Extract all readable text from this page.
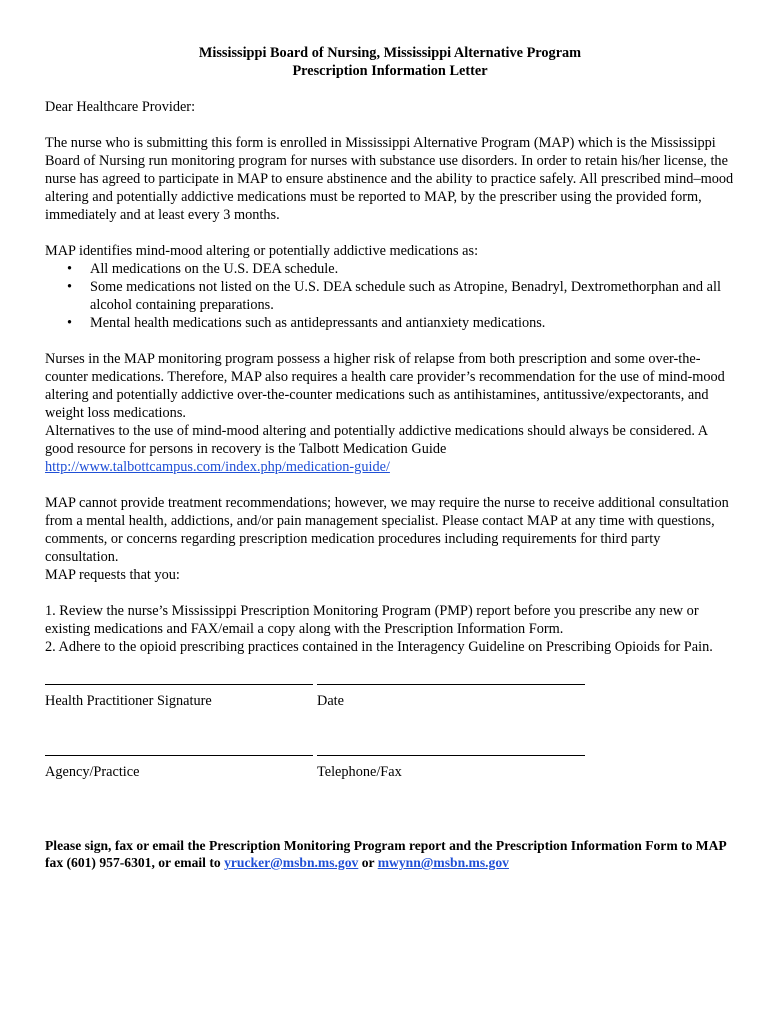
Mississippi Board of Nursing, Mississippi Alternative Program
Prescription Information Letter

Dear Healthcare Provider:

The nurse who is submitting this form is enrolled in Mississippi Alternative Program (MAP) which is the Mississippi Board of Nursing run monitoring program for nurses with substance use disorders. In order to retain his/her license, the nurse has agreed to participate in MAP to ensure abstinence and the ability to practice safely. All prescribed mind–mood altering and potentially addictive medications must be reported to MAP, by the prescriber using the provided form, immediately and at least every 3 months.

MAP identifies mind-mood altering or potentially addictive medications as:

• All medications on the U.S. DEA schedule.
• Some medications not listed on the U.S. DEA schedule such as Atropine, Benadryl, Dextromethorphan and all alcohol containing preparations.
• Mental health medications such as antidepressants and antianxiety medications.

Nurses in the MAP monitoring program possess a higher risk of relapse from both prescription and some over-the-counter medications. Therefore, MAP also requires a health care provider’s recommendation for the use of mind-mood altering and potentially addictive over-the-counter medications such as antihistamines, antitussive/expectorants, and weight loss medications.

Alternatives to the use of mind-mood altering and potentially addictive medications should always be considered. A good resource for persons in recovery is the Talbott Medication Guide

http://www.talbottcampus.com/index.php/medication-guide/

MAP cannot provide treatment recommendations; however, we may require the nurse to receive additional consultation from a mental health, addictions, and/or pain management specialist. Please contact MAP at any time with questions, comments, or concerns regarding prescription medication procedures including requirements for third party consultation.

MAP requests that you:

1. Review the nurse’s Mississippi Prescription Monitoring Program (PMP) report before you prescribe any new or existing medications and FAX/email a copy along with the Prescription Information Form.

2. Adhere to the opioid prescribing practices contained in the Interagency Guideline on Prescribing Opioids for Pain.

Health Practitioner Signature	Date
Agency/Practice	Telephone/Fax

Please sign, fax or email the Prescription Monitoring Program report and the Prescription Information Form to MAP fax (601) 957-6301, or email to yrucker@msbn.ms.gov or mwynn@msbn.ms.gov
